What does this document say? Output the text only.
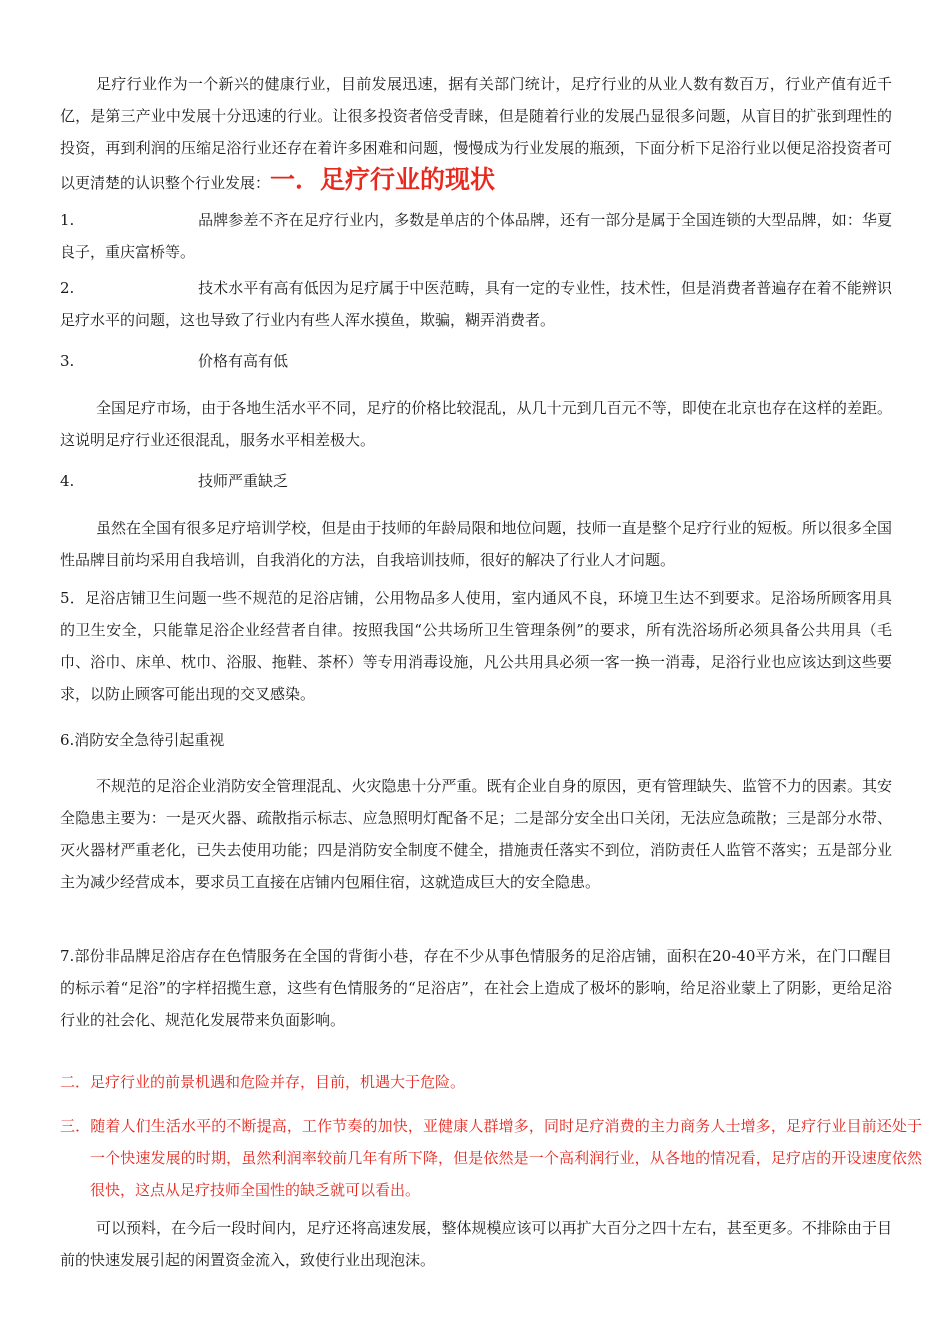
足疗行业作为一个新兴的健康行业，目前发展迅速，据有关部门统计，足疗行业的从业人数有数百万，行业产值有近千亿，是第三产业中发展十分迅速的行业。让很多投资者倍受青睐，但是随着行业的发展凸显很多问题，从盲目的扩张到理性的投资，再到利润的压缩足浴行业还存在着许多困难和问题，慢慢成为行业发展的瓶颈，下面分析下足浴行业以便足浴投资者可以更清楚的认识整个行业发展：一．足疗行业的现状

1.	品牌参差不齐在足疗行业内，多数是单店的个体品牌，还有一部分是属于全国连锁的大型品牌，如：华夏良子，重庆富桥等。

2.	技术水平有高有低因为足疗属于中医范畴，具有一定的专业性，技术性，但是消费者普遍存在着不能辨识足疗水平的问题，这也导致了行业内有些人浑水摸鱼，欺骗，糊弄消费者。

3.	价格有高有低

全国足疗市场，由于各地生活水平不同，足疗的价格比较混乱，从几十元到几百元不等，即使在北京也存在这样的差距。这说明足疗行业还很混乱，服务水平相差极大。

4.	技师严重缺乏

虽然在全国有很多足疗培训学校，但是由于技师的年龄局限和地位问题，技师一直是整个足疗行业的短板。所以很多全国性品牌目前均采用自我培训，自我消化的方法，自我培训技师，很好的解决了行业人才问题。

5．足浴店铺卫生问题一些不规范的足浴店铺，公用物品多人使用，室内通风不良，环境卫生达不到要求。足浴场所顾客用具的卫生安全，只能靠足浴企业经营者自律。按照我国“公共场所卫生管理条例”的要求，所有洗浴场所必须具备公共用具（毛巾、浴巾、床单、枕巾、浴服、拖鞋、茶杯）等专用消毒设施，凡公共用具必须一客一换一消毒，足浴行业也应该达到这些要求，以防止顾客可能出现的交叉感染。

6.消防安全急待引起重视

不规范的足浴企业消防安全管理混乱、火灾隐患十分严重。既有企业自身的原因，更有管理缺失、监管不力的因素。其安全隐患主要为：一是灭火器、疏散指示标志、应急照明灯配备不足；二是部分安全出口关闭，无法应急疏散；三是部分水带、灭火器材严重老化，已失去使用功能；四是消防安全制度不健全，措施责任落实不到位，消防责任人监管不落实；五是部分业主为减少经营成本，要求员工直接在店铺内包厢住宿，这就造成巨大的安全隐患。

7.部份非品牌足浴店存在色情服务在全国的背街小巷，存在不少从事色情服务的足浴店铺，面积在20-40平方米，在门口醒目的标示着“足浴”的字样招揽生意，这些有色情服务的“足浴店”，在社会上造成了极坏的影响，给足浴业蒙上了阴影，更给足浴行业的社会化、规范化发展带来负面影响。

二．足疗行业的前景机遇和危险并存，目前，机遇大于危险。

三．随着人们生活水平的不断提高，工作节奏的加快，亚健康人群增多，同时足疗消费的主力商务人士增多，足疗行业目前还处于一个快速发展的时期，虽然利润率较前几年有所下降，但是依然是一个高利润行业，从各地的情况看，足疗店的开设速度依然很快，这点从足疗技师全国性的缺乏就可以看出。

可以预料，在今后一段时间内，足疗还将高速发展，整体规模应该可以再扩大百分之四十左右，甚至更多。不排除由于目前的快速发展引起的闲置资金流入，致使行业出现泡沫。
